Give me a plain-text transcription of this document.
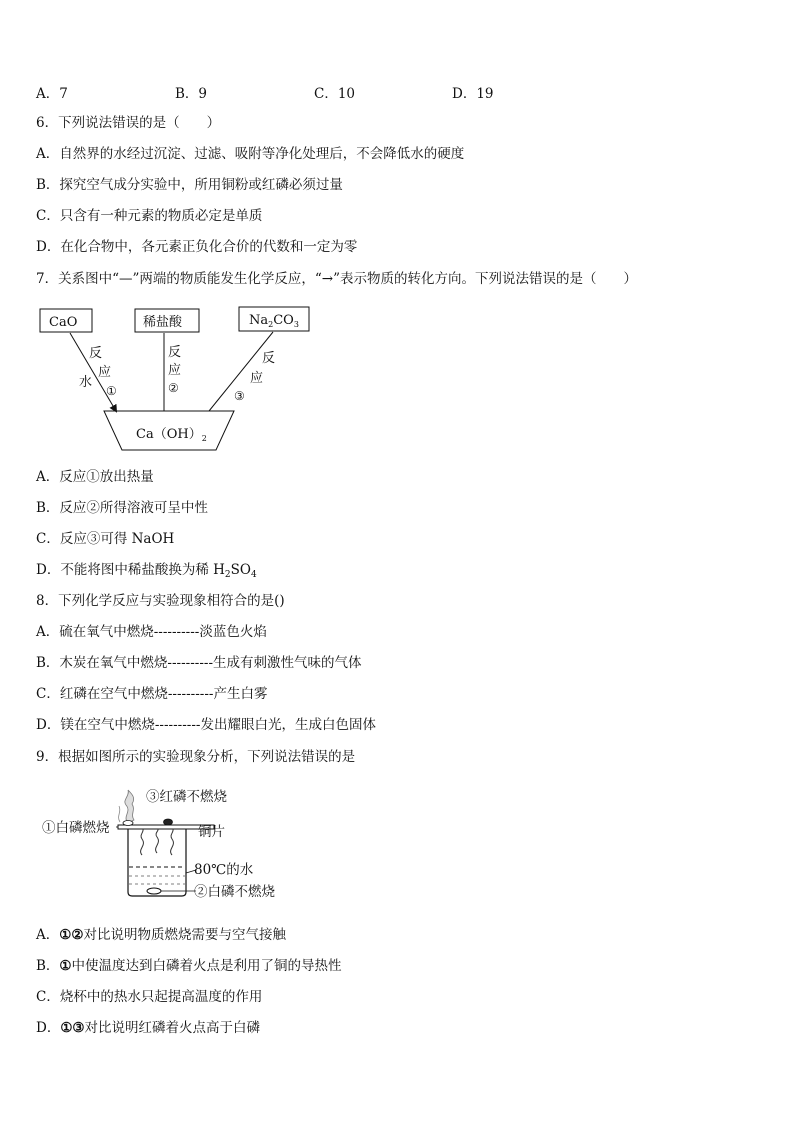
A．7	B．9	C．10	D．19
6．下列说法错误的是（　　）
A．自然界的水经过沉淀、过滤、吸附等净化处理后，不会降低水的硬度
B．探究空气成分实验中，所用铜粉或红磷必须过量
C．只含有一种元素的物质必定是单质
D．在化合物中，各元素正负化合价的代数和一定为零
7．关系图中“—”两端的物质能发生化学反应，“→”表示物质的转化方向。下列说法错误的是（　　）
CaO	稀盐酸	$Na_2CO_3$
$Ca(OH)_2$
反
应
①
水
反
应
②
反
应
③
A．反应①放出热量
B．反应②所得溶液可呈中性
C．反应③可得 NaOH
D．不能将图中稀盐酸换为稀 $H_2SO_4$
8．下列化学反应与实验现象相符合的是()
A．硫在氧气中燃烧----------淡蓝色火焰
B．木炭在氧气中燃烧----------生成有刺激性气味的气体
C．红磷在空气中燃烧----------产生白雾
D．镁在空气中燃烧----------发出耀眼白光，生成白色固体
9．根据如图所示的实验现象分析，下列说法错误的是
③红磷不燃烧
①白磷燃烧	铜片
80℃的水
②白磷不燃烧
A．①②对比说明物质燃烧需要与空气接触
B．①中使温度达到白磷着火点是利用了铜的导热性
C．烧杯中的热水只起提高温度的作用
D．①③对比说明红磷着火点高于白磷
